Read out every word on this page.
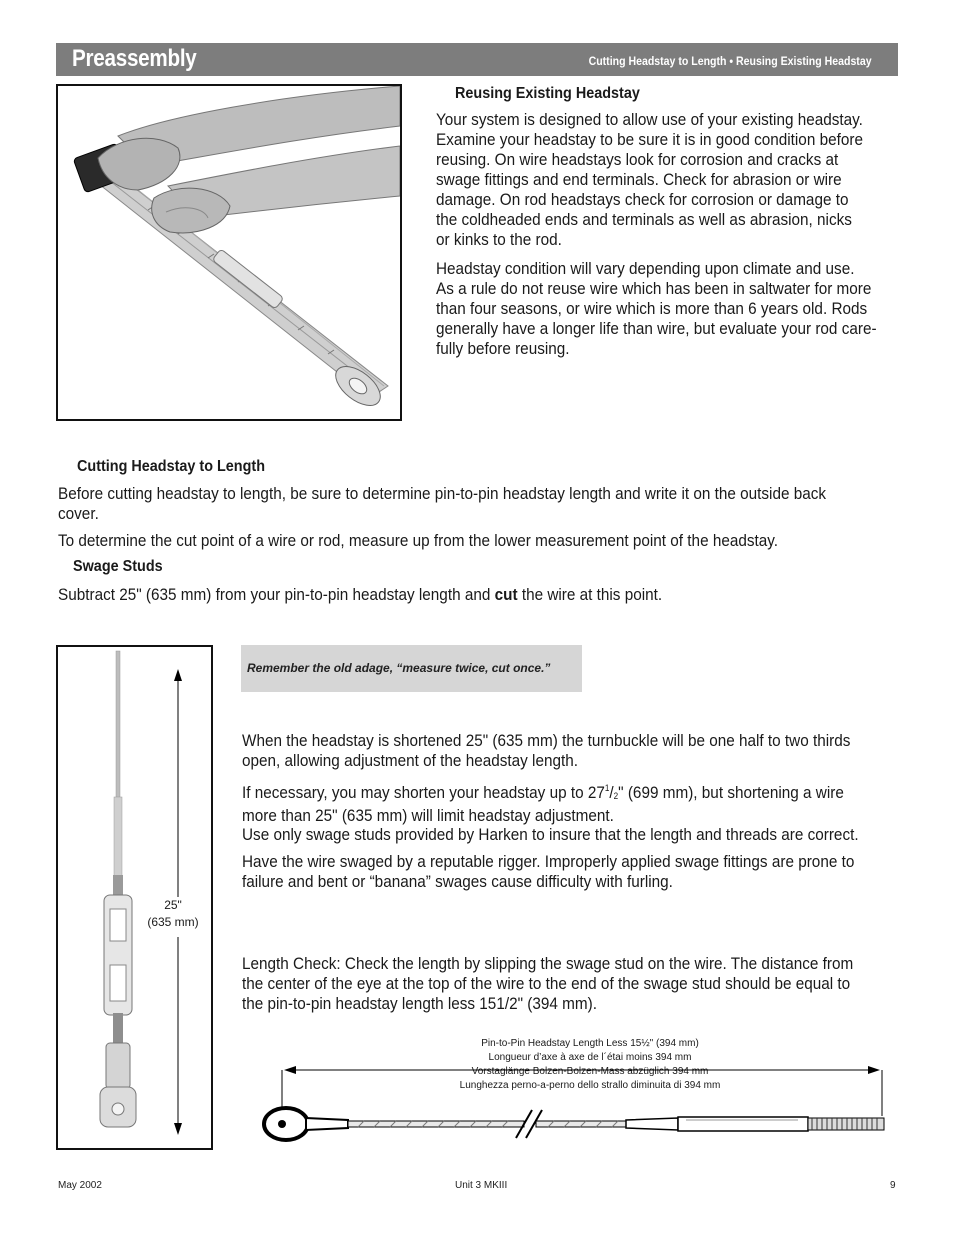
Preassembly	Cutting Headstay to Length • Reusing Existing Headstay
Reusing Existing Headstay
Your system is designed to allow use of your existing headstay.
Examine your headstay to be sure it is in good condition before
reusing. On wire headstays look for corrosion and cracks at
swage fittings and end terminals. Check for abrasion or wire
damage. On rod headstays check for corrosion or damage to
the coldheaded ends and terminals as well as abrasion, nicks
or kinks to the rod.
Headstay condition will vary depending upon climate and use.
As a rule do not reuse wire which has been in saltwater for more
than four seasons, or wire which is more than 6 years old. Rods
generally have a longer life than wire, but evaluate your rod care-
fully before reusing.
Cutting Headstay to Length
Before cutting headstay to length, be sure to determine pin-to-pin headstay length and write it on the outside back
cover.
To determine the cut point of a wire or rod, measure up from the lower measurement point of the headstay.
Swage Studs
Subtract 25" (635 mm) from your pin-to-pin headstay length and cut the wire at this point.
25"
(635 mm)
Remember the old adage, “measure twice, cut once.”
When the headstay is shortened 25" (635 mm) the turnbuckle will be one half to two thirds
open, allowing adjustment of the headstay length.
If necessary, you may shorten your headstay up to $27^1/2$" (699 mm), but shortening a wire
more than 25" (635 mm) will limit headstay adjustment.
Use only swage studs provided by Harken to insure that the length and threads are correct.
Have the wire swaged by a reputable rigger. Improperly applied swage fittings are prone to
failure and bent or “banana” swages cause difficulty with furling.
Length Check: Check the length by slipping the swage stud on the wire. The distance from
the center of the eye at the top of the wire to the end of the swage stud should be equal to
the pin-to-pin headstay length less 151/2" (394 mm).
Pin-to-Pin Headstay Length Less 15½" (394 mm)
Longueur d’axe à axe de l´étai moins 394 mm
Vorstaglänge Bolzen-Bolzen-Mass abzüglich 394 mm
Lunghezza perno-a-perno dello strallo diminuita di 394 mm
May 2002	Unit 3 MKIII	9
